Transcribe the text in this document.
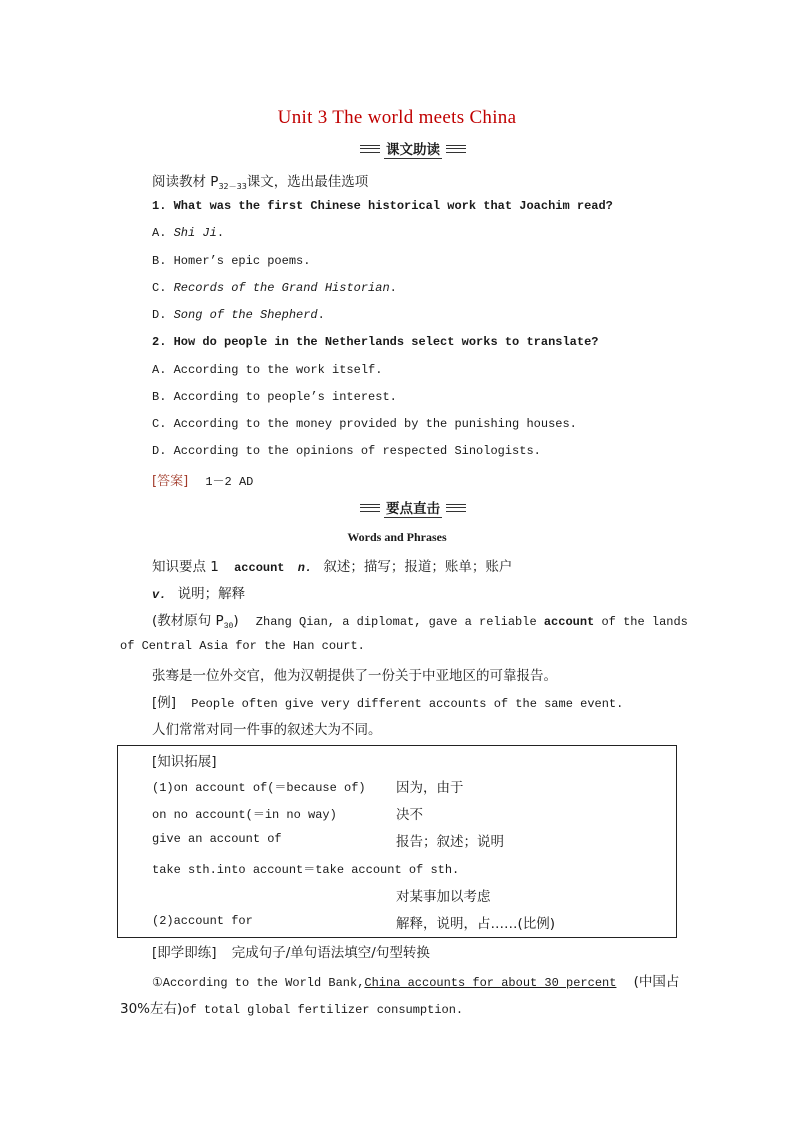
Unit 3 The world meets China
课文助读
阅读教材 $P_{32-33}$课文，选出最佳选项
1. What was the first Chinese historical work that Joachim read?
A. Shi Ji.
B. Homer’s epic poems.
C. Records of the Grand Historian.
D. Song of the Shepherd.
2. How do people in the Netherlands select works to translate?
A. According to the work itself.
B. According to people’s interest.
C. According to the money provided by the punishing houses.
D. According to the opinions of respected Sinologists.
[答案] 1－2 AD
要点直击
Words and Phrases
知识要点 1 account n. 叙述；描写；报道；账单；账户
v. 说明；解释
(教材原句 $P_{30}$) Zhang Qian, a diplomat, gave a reliable account of the lands
of Central Asia for the Han court.
张骞是一位外交官，他为汉朝提供了一份关于中亚地区的可靠报告。
[例] People often give very different accounts of the same event.
人们常常对同一件事的叙述大为不同。
[知识拓展]
(1)on account of(＝because of) 因为，由于
on no account(＝in no way)	决不
give an account of	报告；叙述；说明
take sth.into account＝take account of sth.
对某事加以考虑
(2)account for	解释，说明，占……(比例)
[即学即练] 完成句子/单句语法填空/句型转换
①According to the World Bank,China accounts for about 30 percent (中国占
30%左右)of total global fertilizer consumption.
